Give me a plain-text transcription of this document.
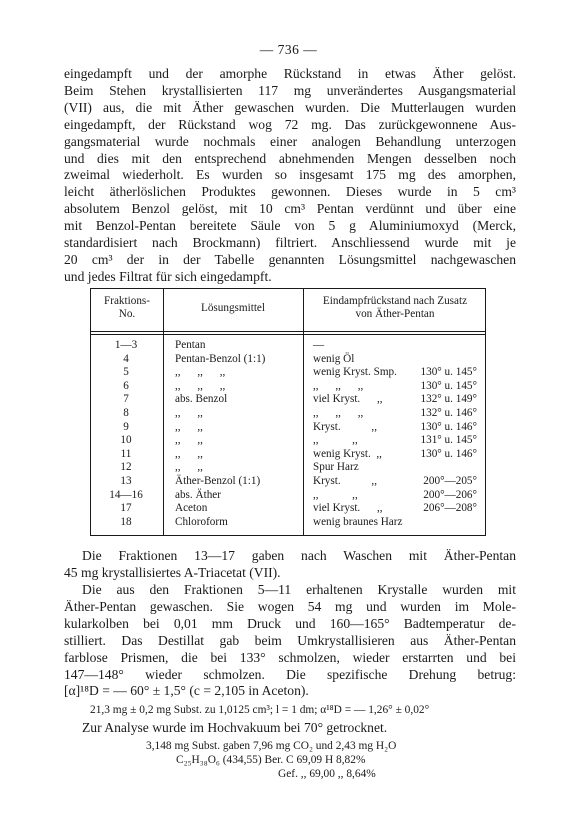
— 736 —
eingedampft und der amorphe Rückstand in etwas Äther gelöst.
Beim Stehen krystallisierten 117 mg unverändertes Ausgangsmaterial
(VII) aus, die mit Äther gewaschen wurden. Die Mutterlaugen wurden
eingedampft, der Rückstand wog 72 mg. Das zurückgewonnene Aus-
gangsmaterial wurde nochmals einer analogen Behandlung unterzogen
und dies mit den entsprechend abnehmenden Mengen desselben noch
zweimal wiederholt. Es wurden so insgesamt 175 mg des amorphen,
leicht ätherlöslichen Produktes gewonnen. Dieses wurde in 5 cm³
absolutem Benzol gelöst, mit 10 cm³ Pentan verdünnt und über eine
mit Benzol-Pentan bereitete Säule von 5 g Aluminiumoxyd (Merck,
standardisiert nach Brockmann) filtriert. Anschliessend wurde mit je
20 cm³ der in der Tabelle genannten Lösungsmittel nachgewaschen
und jedes Filtrat für sich eingedampft.
Fraktions-
No.
Lösungsmittel
Eindampfrückstand nach Zusatz
von Äther-Pentan
1—3	Pentan	—
4	Pentan-Benzol (1:1)	wenig Öl
5	,,      ,,      ,,	wenig Kryst. Smp. 130° u. 145°
6	,,      ,,      ,,	,,      ,,      ,,	130° u. 145°
7	abs. Benzol	viel Kryst.      ,,	132° u. 149°
8	,,      ,,	,,      ,,      ,,	132° u. 146°
9	,,      ,,	Kryst.           ,,	130° u. 146°
10	,,      ,,	,,            ,,	131° u. 145°
11	,,      ,,	wenig Kryst.  ,,	130° u. 146°
12	,,      ,,	Spur Harz
13	Äther-Benzol (1:1)	Kryst.           ,,	200°—205°
14—16	abs. Äther	,,            ,,	200°—206°
17	Aceton	viel Kryst.      ,,	206°—208°
18	Chloroform	wenig braunes Harz
Die Fraktionen 13—17 gaben nach Waschen mit Äther-Pentan
45 mg krystallisiertes A-Triacetat (VII).
Die aus den Fraktionen 5—11 erhaltenen Krystalle wurden mit
Äther-Pentan gewaschen. Sie wogen 54 mg und wurden im Mole-
kularkolben bei 0,01 mm Druck und 160—165° Badtemperatur de-
stilliert. Das Destillat gab beim Umkrystallisieren aus Äther-Pentan
farblose Prismen, die bei 133° schmolzen, wieder erstarrten und bei
147—148° wieder schmolzen. Die spezifische Drehung betrug:
[α]¹⁸D = — 60° ± 1,5° (c = 2,105 in Aceton).
21,3 mg ± 0,2 mg Subst. zu 1,0125 cm³; l = 1 dm; α¹⁸D = — 1,26° ± 0,02°
Zur Analyse wurde im Hochvakuum bei 70° getrocknet.
3,148 mg Subst. gaben 7,96 mg CO₂ und 2,43 mg H₂O
C₂₅H₃₈O₆ (434,55) Ber. C 69,09 H 8,82%
Gef. ,, 69,00 ,, 8,64%
